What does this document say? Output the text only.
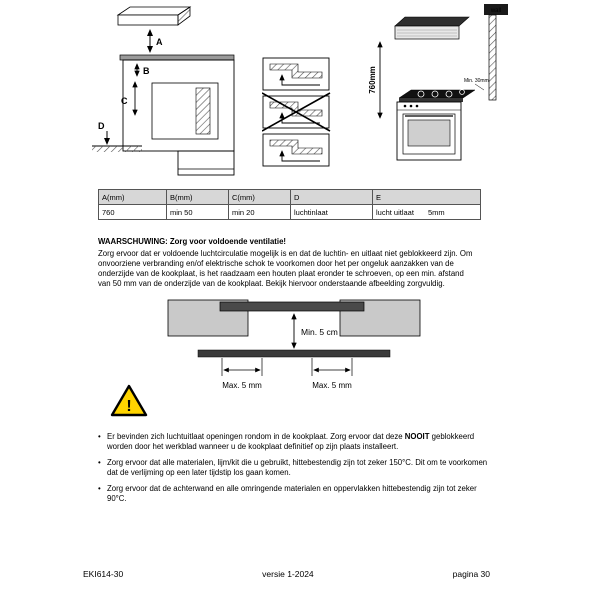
A
B
C
D
wall
760mm	Min. 30mm
A(mm)	B(mm)	C(mm)	D	E
760	min 50	min 20	luchtinlaat	lucht uitlaat 5mm
WAARSCHUWING: Zorg voor voldoende ventilatie!
Zorg ervoor dat er voldoende luchtcirculatie mogelijk is en dat de luchtin- en uitlaat niet geblokkeerd zijn. Om onvoorziene verbranding en/of elektrische schok te voorkomen door het per ongeluk aanzakken van de onderzijde van de kookplaat, is het raadzaam een houten plaat eronder te schroeven, op een min. afstand van 50 mm van de onderzijde van de kookplaat. Bekijk hiervoor onderstaande afbeelding zorgvuldig.
Min. 5 cm
Max. 5 mm	Max. 5 mm
!
• Er bevinden zich luchtuitlaat openingen rondom in de kookplaat. Zorg ervoor dat deze NOOIT geblokkeerd worden door het werkblad wanneer u de kookplaat definitief op zijn plaats installeert.
• Zorg ervoor dat alle materialen, lijm/kit die u gebruikt, hittebestendig zijn tot zeker 150°C. Dit om te voorkomen dat de verlijming op een later tijdstip los gaan komen.
• Zorg ervoor dat de achterwand en alle omringende materialen en oppervlakken hittebestendig zijn tot zeker 90°C.
EKI614-30	versie 1-2024	pagina 30
